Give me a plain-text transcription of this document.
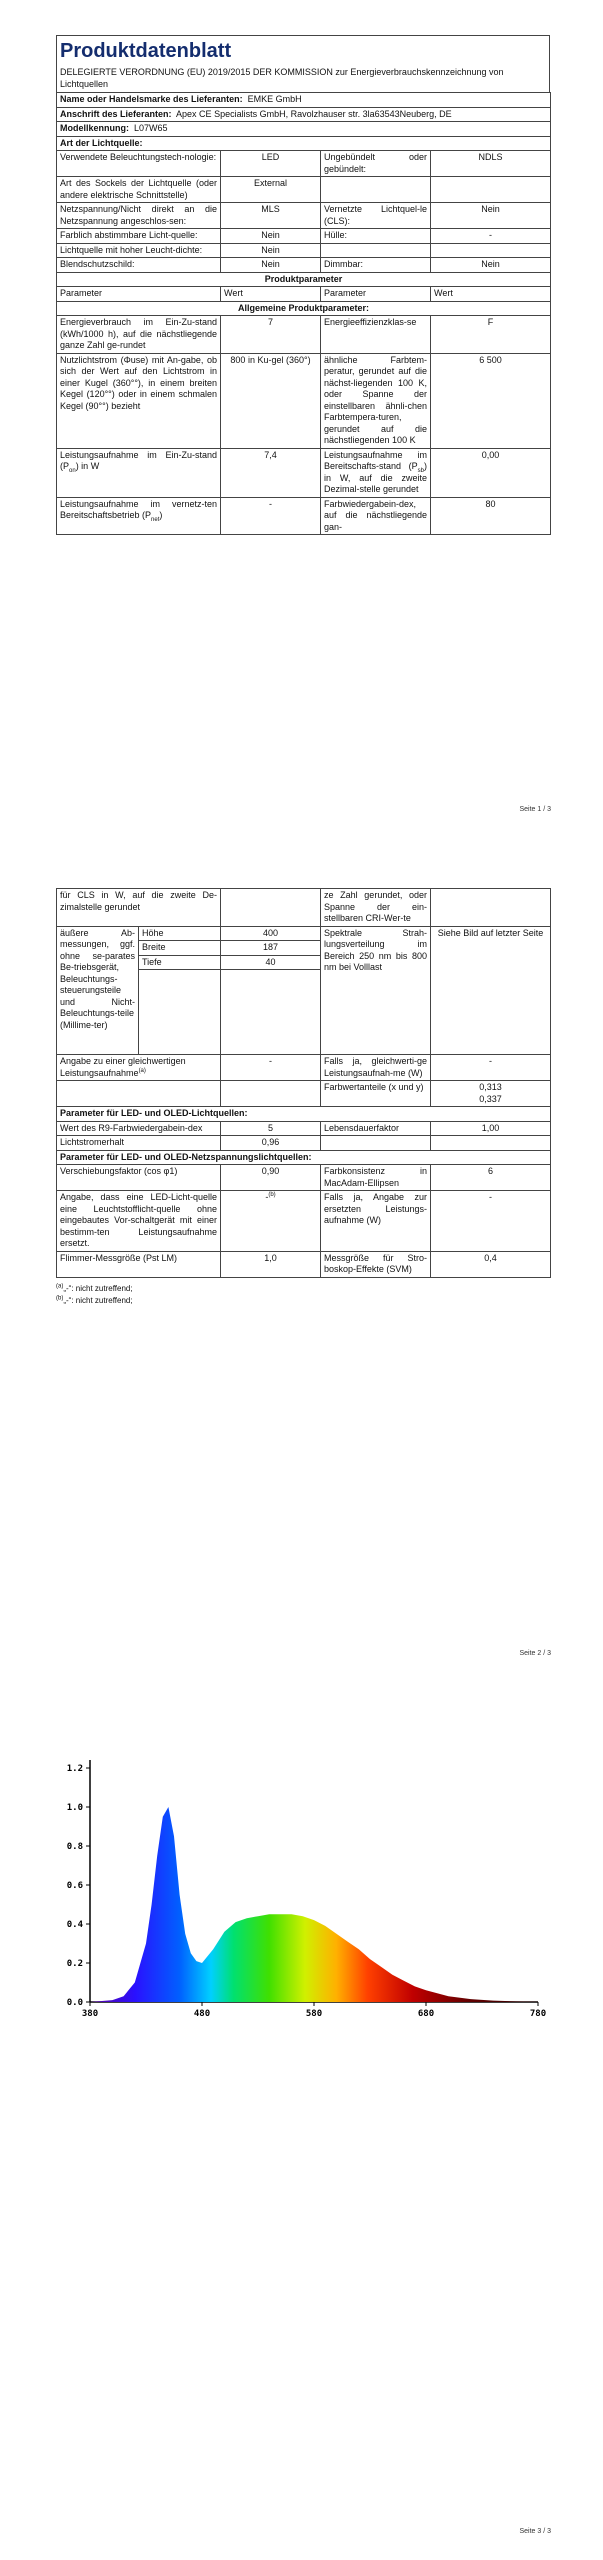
Produktdatenblatt
DELEGIERTE VERORDNUNG (EU) 2019/2015 DER KOMMISSION zur Energieverbrauchskennzeichnung von Lichtquellen
Name oder Handelsmarke des Lieferanten: EMKE GmbH			
Anschrift des Lieferanten: Apex CE Specialists GmbH, Ravolzhauser str. 3la63543Neuberg, DE			
Modellkennung: L07W65			
Art der Lichtquelle:			
Verwendete Beleuchtungstech-nologie:	LED	Ungebündelt oder gebündelt:	NDLS
Art des Sockels der Lichtquelle (oder andere elektrische Schnittstelle)	External		
Netzspannung/Nicht direkt an die Netzspannung angeschlos-sen:	MLS	Vernetzte Lichtquel-le (CLS):	Nein
Farblich abstimmbare Licht-quelle:	Nein	Hülle:	-
Lichtquelle mit hoher Leucht-dichte:	Nein		
Blendschutzschild:	Nein	Dimmbar:	Nein
Produktparameter			
Parameter	Wert	Parameter	Wert
Allgemeine Produktparameter:			
Energieverbrauch im Ein-Zu-stand (kWh/1000 h), auf die nächstliegende ganze Zahl ge-rundet	7	Energieeffizienzklas-se	F
Nutzlichtstrom (Φuse) mit An-gabe, ob sich der Wert auf den Lichtstrom in einer Kugel (360°°), in einem breiten Kegel (120°°) oder in einem schmalen Kegel (90°°) bezieht	800 in Ku-gel (360°)	ähnliche Farbtem-peratur, gerundet auf die nächst-liegenden 100 K, oder Spanne der einstellbaren ähnli-chen Farbtempera-turen, gerundet auf die nächstliegenden 100 K	6 500
Leistungsaufnahme im Ein-Zu-stand $(P_{on})$ in W	7,4	Leistungsaufnahme im Bereitschafts-stand $(P_{sb})$ in W, auf die zweite Dezimal-stelle gerundet	0,00
Leistungsaufnahme im vernetz-ten Bereitschaftsbetrieb $(P_{net})$	-	Farbwiedergabein-dex, auf die nächstliegende gan-	80
Seite 1 / 3
für CLS in W, auf die zweite De-zimalstelle gerundet			ze Zahl gerundet, oder Spanne der ein-stellbaren CRI-Wer-te	
äußere Ab-messungen, ggf. ohne se-parates Be-triebsgerät, Beleuchtungs-steuerungsteile und Nicht-Beleuchtungs-teile (Millime-ter)	Höhe	400	Spektrale Strah-lungsverteilung im Bereich 250 nm bis 800 nm bei Volllast	Siehe Bild auf letzter Seite
	Breite	187		
	Tiefe	40		

Angabe zu einer gleichwertigen Leistungsaufnahme$^{(a)}$		-	Falls ja, gleichwerti-ge Leistungsaufnah-me (W)	-
			Farbwertanteile (x und y)	0,313
0,337

Parameter für LED- und OLED-Lichtquellen:				
Wert des R9-Farbwiedergabein-dex		5	Lebensdauerfaktor	1,00
Lichtstromerhalt		0,96		
Parameter für LED- und OLED-Netzspannungslichtquellen:				
Verschiebungsfaktor (cos φ1)		0,90	Farbkonsistenz in MacAdam-Ellipsen	6
Angabe, dass eine LED-Licht-quelle eine Leuchtstofflicht-quelle ohne eingebautes Vor-schaltgerät mit einer bestimm-ten Leistungsaufnahme ersetzt.		-$^{(b)}$	Falls ja, Angabe zur ersetzten Leistungs-aufnahme (W)	-
Flimmer-Messgröße (Pst LM)		1,0	Messgröße für Stro-boskop-Effekte (SVM)	0,4
$^{(a)}$„-“: nicht zutreffend;
$^{(b)}$„-“: nicht zutreffend;
Seite 2 / 3
380	480	580	680	780
0.0
0.2
0.4
0.6
0.8
1.0
1.2
Seite 3 / 3
